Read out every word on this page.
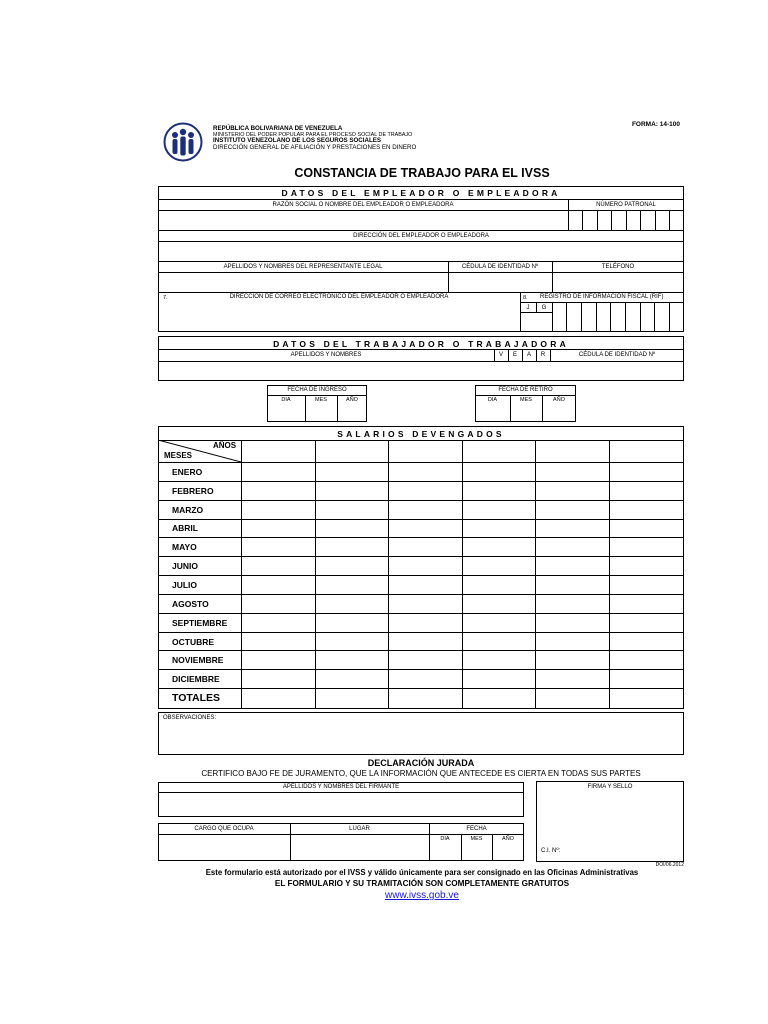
REPÚBLICA BOLIVARIANA DE VENEZUELA
MINISTERIO DEL PODER POPULAR PARA EL PROCESO SOCIAL DE TRABAJO
INSTITUTO VENEZOLANO DE LOS SEGUROS SOCIALES
DIRECCIÓN GENERAL DE AFILIACIÓN Y PRESTACIONES EN DINERO
FORMA: 14-100
CONSTANCIA DE TRABAJO PARA EL IVSS
DATOS DEL EMPLEADOR O EMPLEADORA
RAZÓN SOCIAL O NOMBRE DEL EMPLEADOR O EMPLEADORA	NÚMERO PATRONAL
DIRECCIÓN DEL EMPLEADOR O EMPLEADORA
APELLIDOS Y NOMBRES DEL REPRESENTANTE LEGAL	CÉDULA DE IDENTIDAD Nº	TELÉFONO
7.	DIRECCIÓN DE CORREO ELECTRÓNICO DEL EMPLEADOR O EMPLEADORA	8. REGISTRO DE INFORMACIÓN FISCAL (RIF)
J	G
DATOS DEL TRABAJADOR O TRABAJADORA
APELLIDOS Y NOMBRES	V	E	A	R	CÉDULA DE IDENTIDAD Nº
FECHA DE INGRESO
DIA	MES	AÑO
FECHA DE RETIRO
DIA	MES	AÑO
SALARIOS DEVENGADOS
AÑOS
MESES
ENERO
FEBRERO
MARZO
ABRIL
MAYO
JUNIO
JULIO
AGOSTO
SEPTIEMBRE
OCTUBRE
NOVIEMBRE
DICIEMBRE
TOTALES
OBSERVACIONES:
DECLARACIÓN JURADA
CERTIFICO BAJO FE DE JURAMENTO, QUE LA INFORMACIÓN QUE ANTECEDE ES CIERTA EN TODAS SUS PARTES
APELLIDOS Y NOMBRES DEL FIRMANTE	FIRMA Y SELLO
C.I. Nº:
CARGO QUE OCUPA	LUGAR	FECHA
DIA	MES	AÑO
DOI/06.2012
Este formulario está autorizado por el IVSS y válido únicamente para ser consignado en las Oficinas Administrativas
EL FORMULARIO Y SU TRAMITACIÓN SON COMPLETAMENTE GRATUITOS
www.ivss.gob.ve
